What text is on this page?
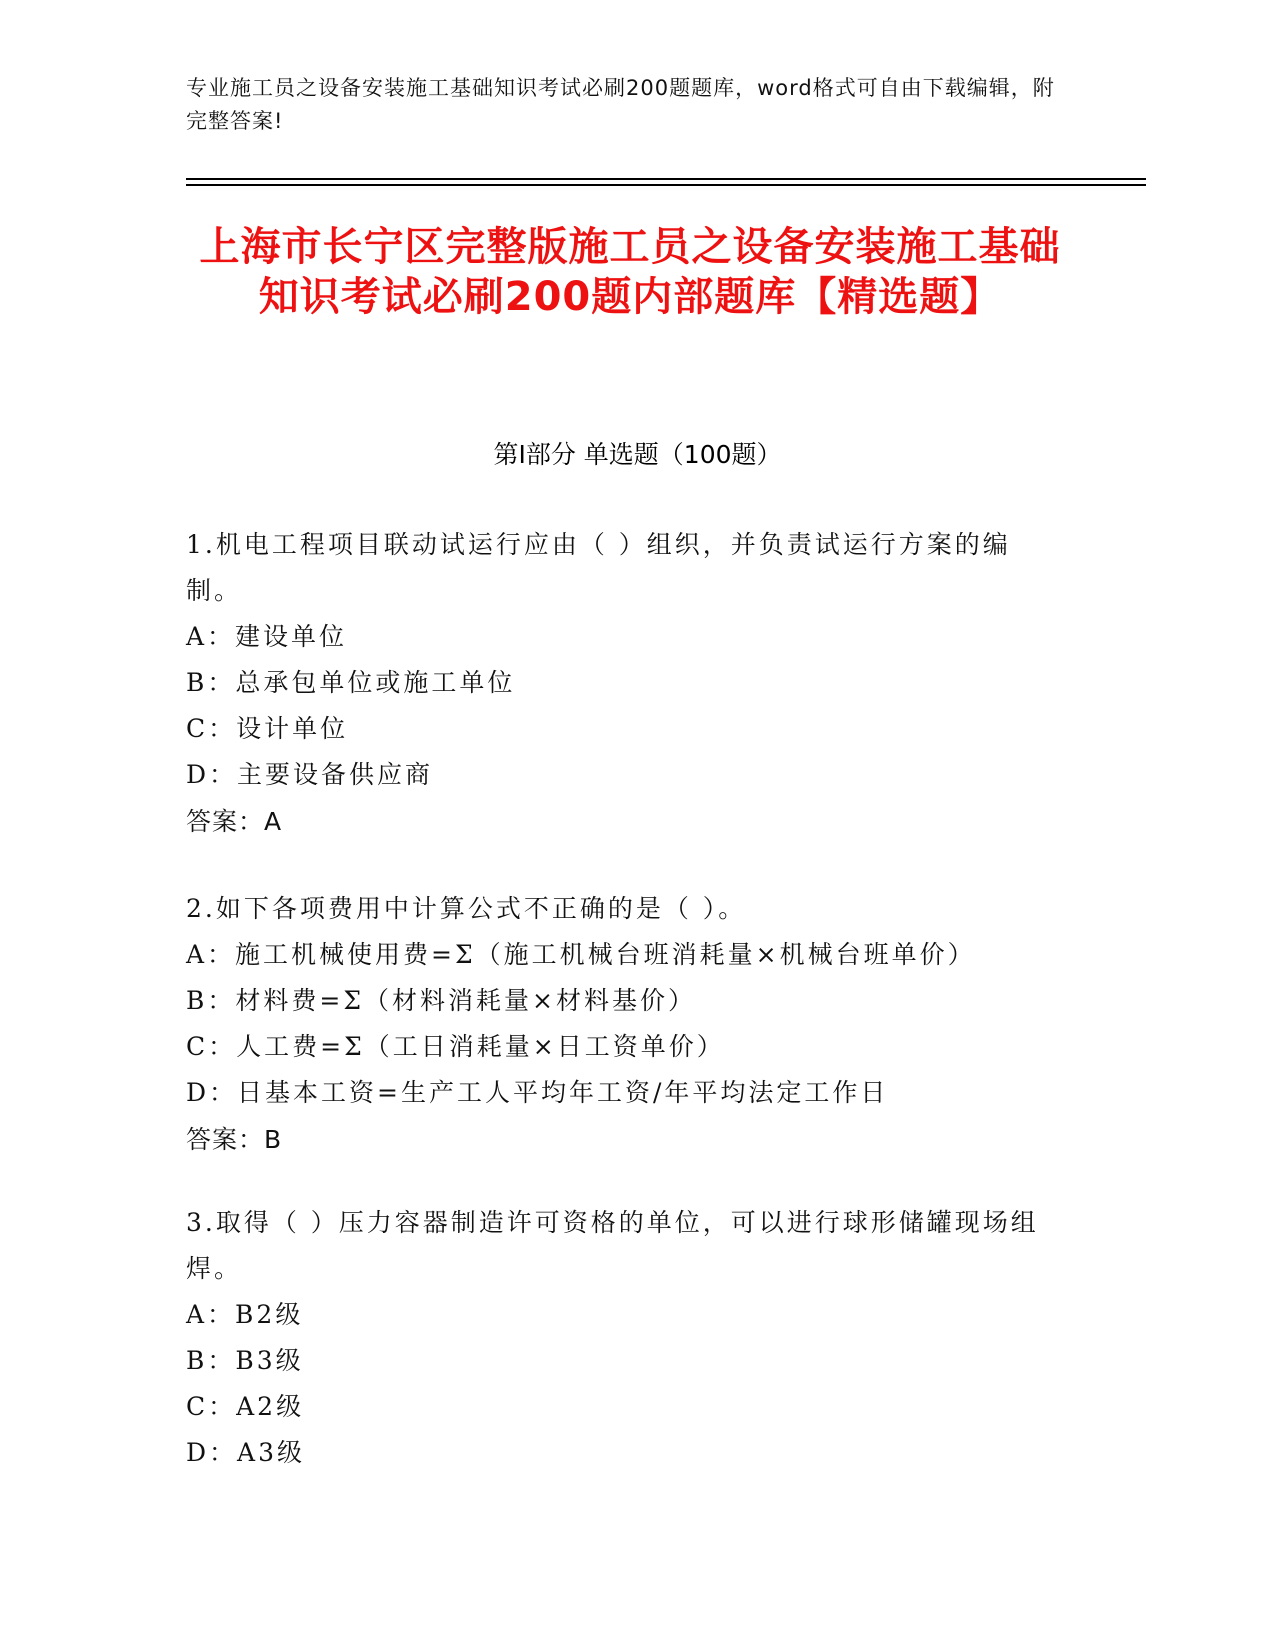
专业施工员之设备安装施工基础知识考试必刷200题题库，word格式可自由下载编辑，附完整答案!
上海市长宁区完整版施工员之设备安装施工基础知识考试必刷200题内部题库【精选题】
第I部分 单选题（100题）

1.机电工程项目联动试运行应由（ ）组织，并负责试运行方案的编制。

A：建设单位

B：总承包单位或施工单位

C：设计单位

D：主要设备供应商

答案：A

2.如下各项费用中计算公式不正确的是（ ）。

A：施工机械使用费=Σ（施工机械台班消耗量×机械台班单价）

B：材料费=Σ（材料消耗量×材料基价）

C：人工费=Σ（工日消耗量×日工资单价）

D：日基本工资=生产工人平均年工资/年平均法定工作日

答案：B

3.取得（ ）压力容器制造许可资格的单位，可以进行球形储罐现场组焊。

A：B2级

B：B3级

C：A2级

D：A3级
